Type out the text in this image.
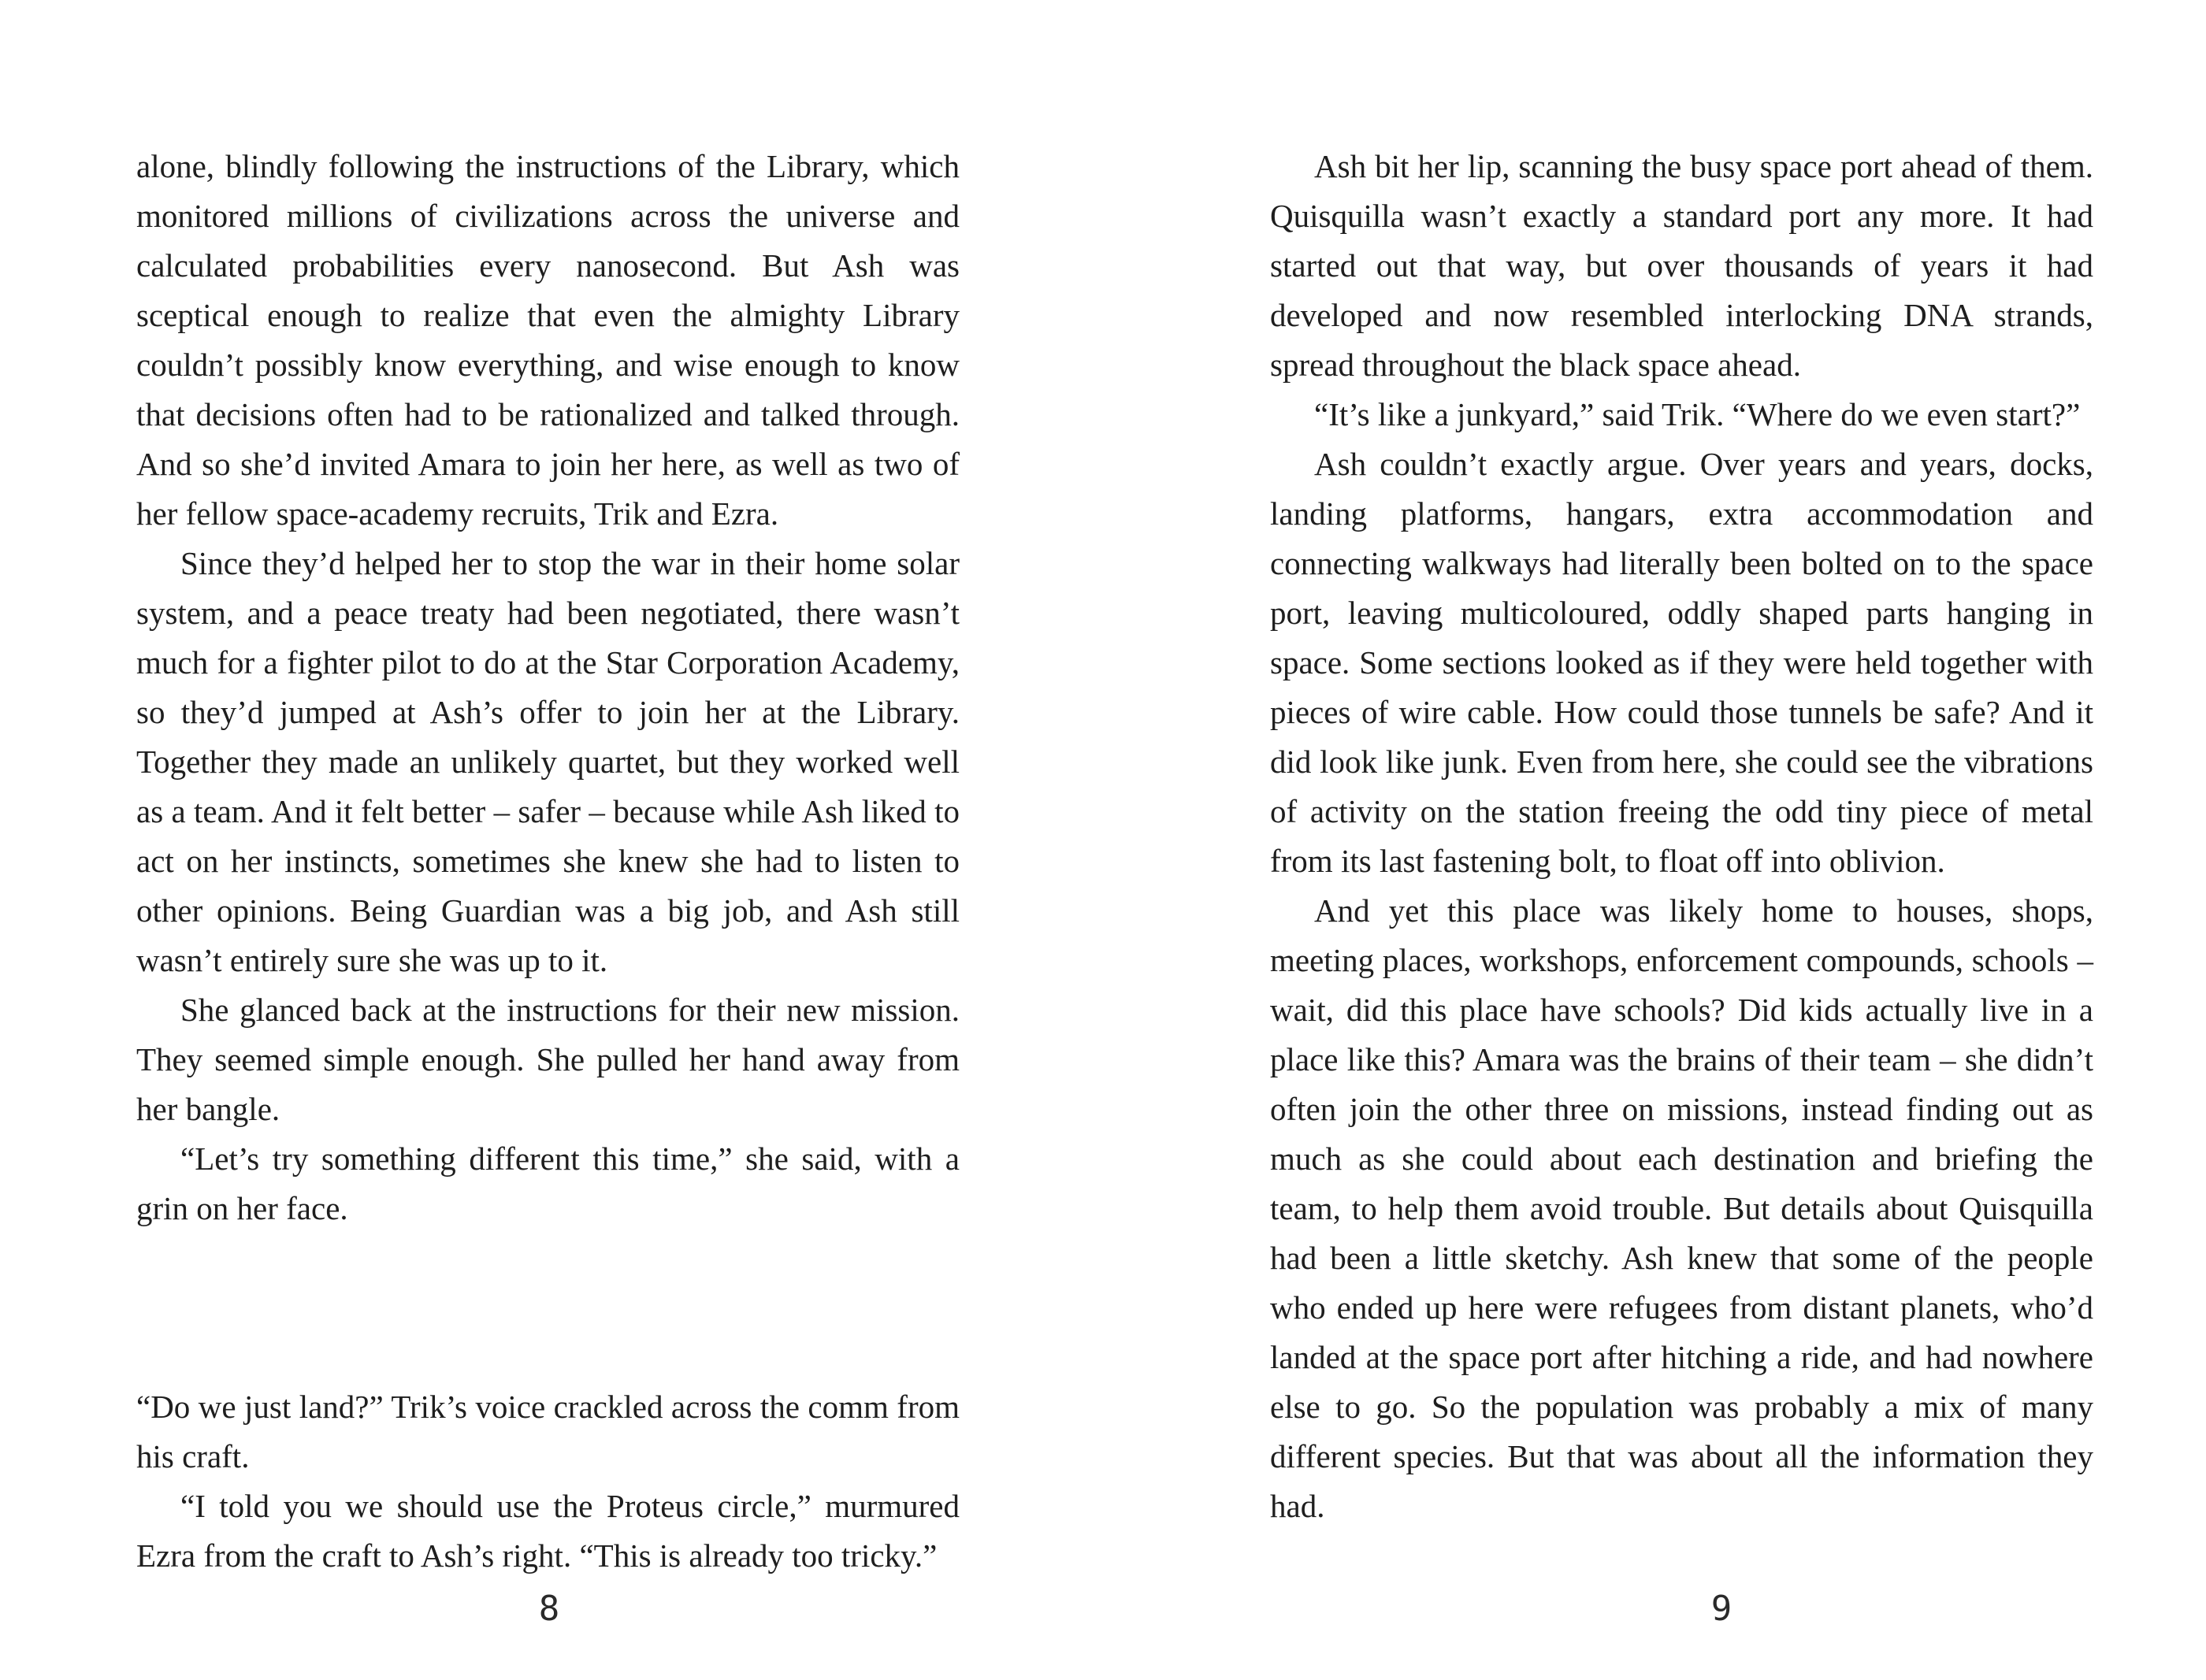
alone, blindly following the instructions of the Library, which monitored millions of civilizations across the universe and calculated probabilities every nanosecond. But Ash was sceptical enough to realize that even the almighty Library couldn’t possibly know everything, and wise enough to know that decisions often had to be rationalized and talked through. And so she’d invited Amara to join her here, as well as two of her fellow space-academy recruits, Trik and Ezra.

Since they’d helped her to stop the war in their home solar system, and a peace treaty had been negotiated, there wasn’t much for a fighter pilot to do at the Star Corporation Academy, so they’d jumped at Ash’s offer to join her at the Library. Together they made an unlikely quartet, but they worked well as a team. And it felt better – safer – because while Ash liked to act on her instincts, sometimes she knew she had to listen to other opinions. Being Guardian was a big job, and Ash still wasn’t entirely sure she was up to it.

She glanced back at the instructions for their new mission. They seemed simple enough. She pulled her hand away from her bangle.

“Let’s try something different this time,” she said, with a grin on her face.

“Do we just land?” Trik’s voice crackled across the comm from his craft.

“I told you we should use the Proteus circle,” murmured Ezra from the craft to Ash’s right. “This is already too tricky.”

8

Ash bit her lip, scanning the busy space port ahead of them. Quisquilla wasn’t exactly a standard port any more. It had started out that way, but over thousands of years it had developed and now resembled interlocking DNA strands, spread throughout the black space ahead.

“It’s like a junkyard,” said Trik. “Where do we even start?”

Ash couldn’t exactly argue. Over years and years, docks, landing platforms, hangars, extra accommodation and connecting walkways had literally been bolted on to the space port, leaving multicoloured, oddly shaped parts hanging in space. Some sections looked as if they were held together with pieces of wire cable. How could those tunnels be safe? And it did look like junk. Even from here, she could see the vibrations of activity on the station freeing the odd tiny piece of metal from its last fastening bolt, to float off into oblivion.

And yet this place was likely home to houses, shops, meeting places, workshops, enforcement compounds, schools – wait, did this place have schools? Did kids actually live in a place like this? Amara was the brains of their team – she didn’t often join the other three on missions, instead finding out as much as she could about each destination and briefing the team, to help them avoid trouble. But details about Quisquilla had been a little sketchy. Ash knew that some of the people who ended up here were refugees from distant planets, who’d landed at the space port after hitching a ride, and had nowhere else to go. So the population was probably a mix of many different species. But that was about all the information they had.

9
